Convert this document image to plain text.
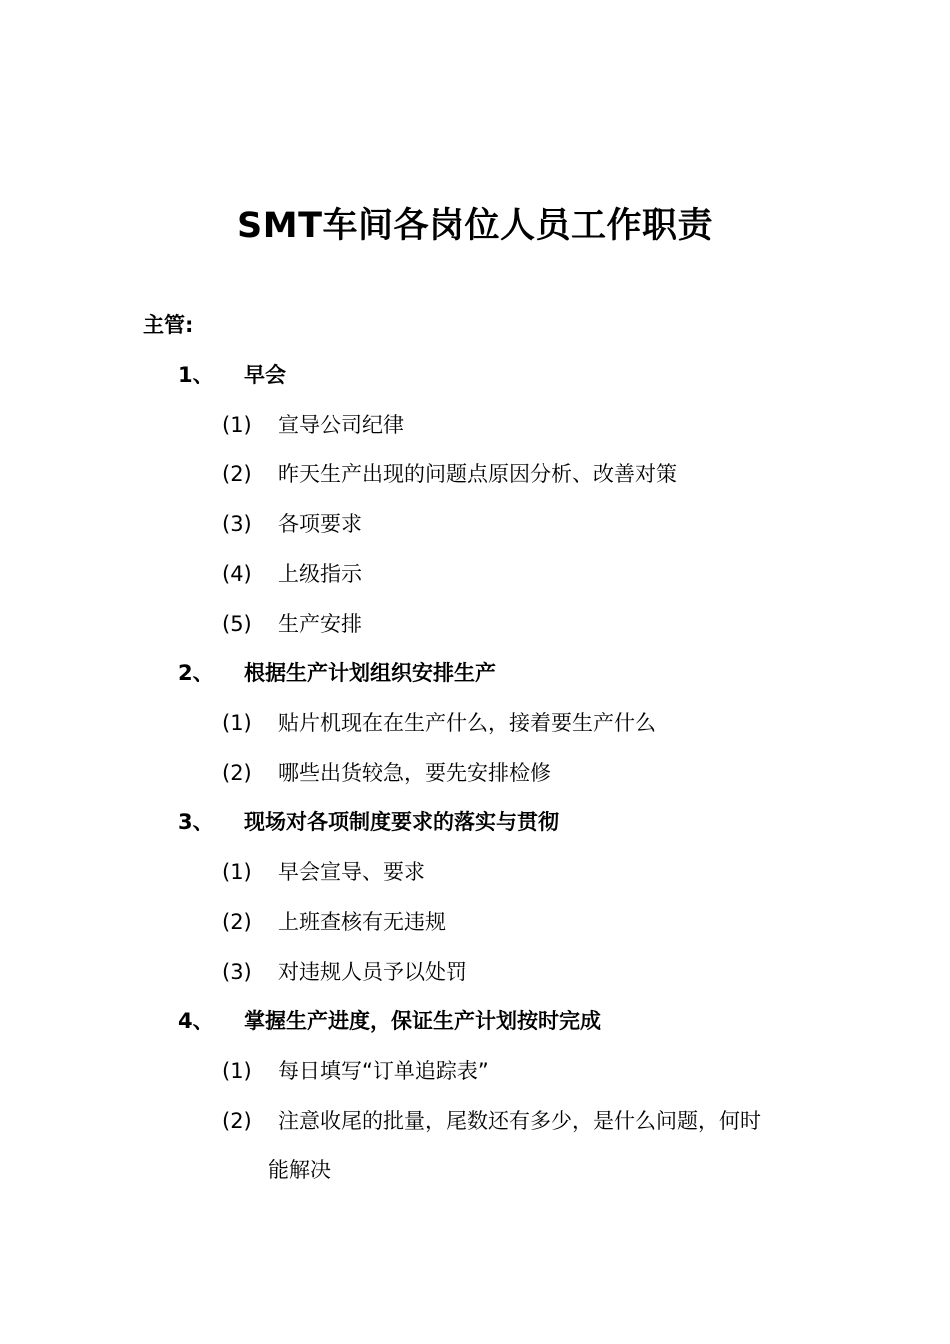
SMT车间各岗位人员工作职责
主管:
1、 早会
(1) 宣导公司纪律
(2) 昨天生产出现的问题点原因分析、改善对策
(3) 各项要求
(4) 上级指示
(5) 生产安排
2、 根据生产计划组织安排生产
(1) 贴片机现在在生产什么，接着要生产什么
(2) 哪些出货较急，要先安排检修
3、 现场对各项制度要求的落实与贯彻
(1) 早会宣导、要求
(2) 上班查核有无违规
(3) 对违规人员予以处罚
4、 掌握生产进度，保证生产计划按时完成
(1) 每日填写“订单追踪表”
(2) 注意收尾的批量，尾数还有多少，是什么问题，何时
能解决
